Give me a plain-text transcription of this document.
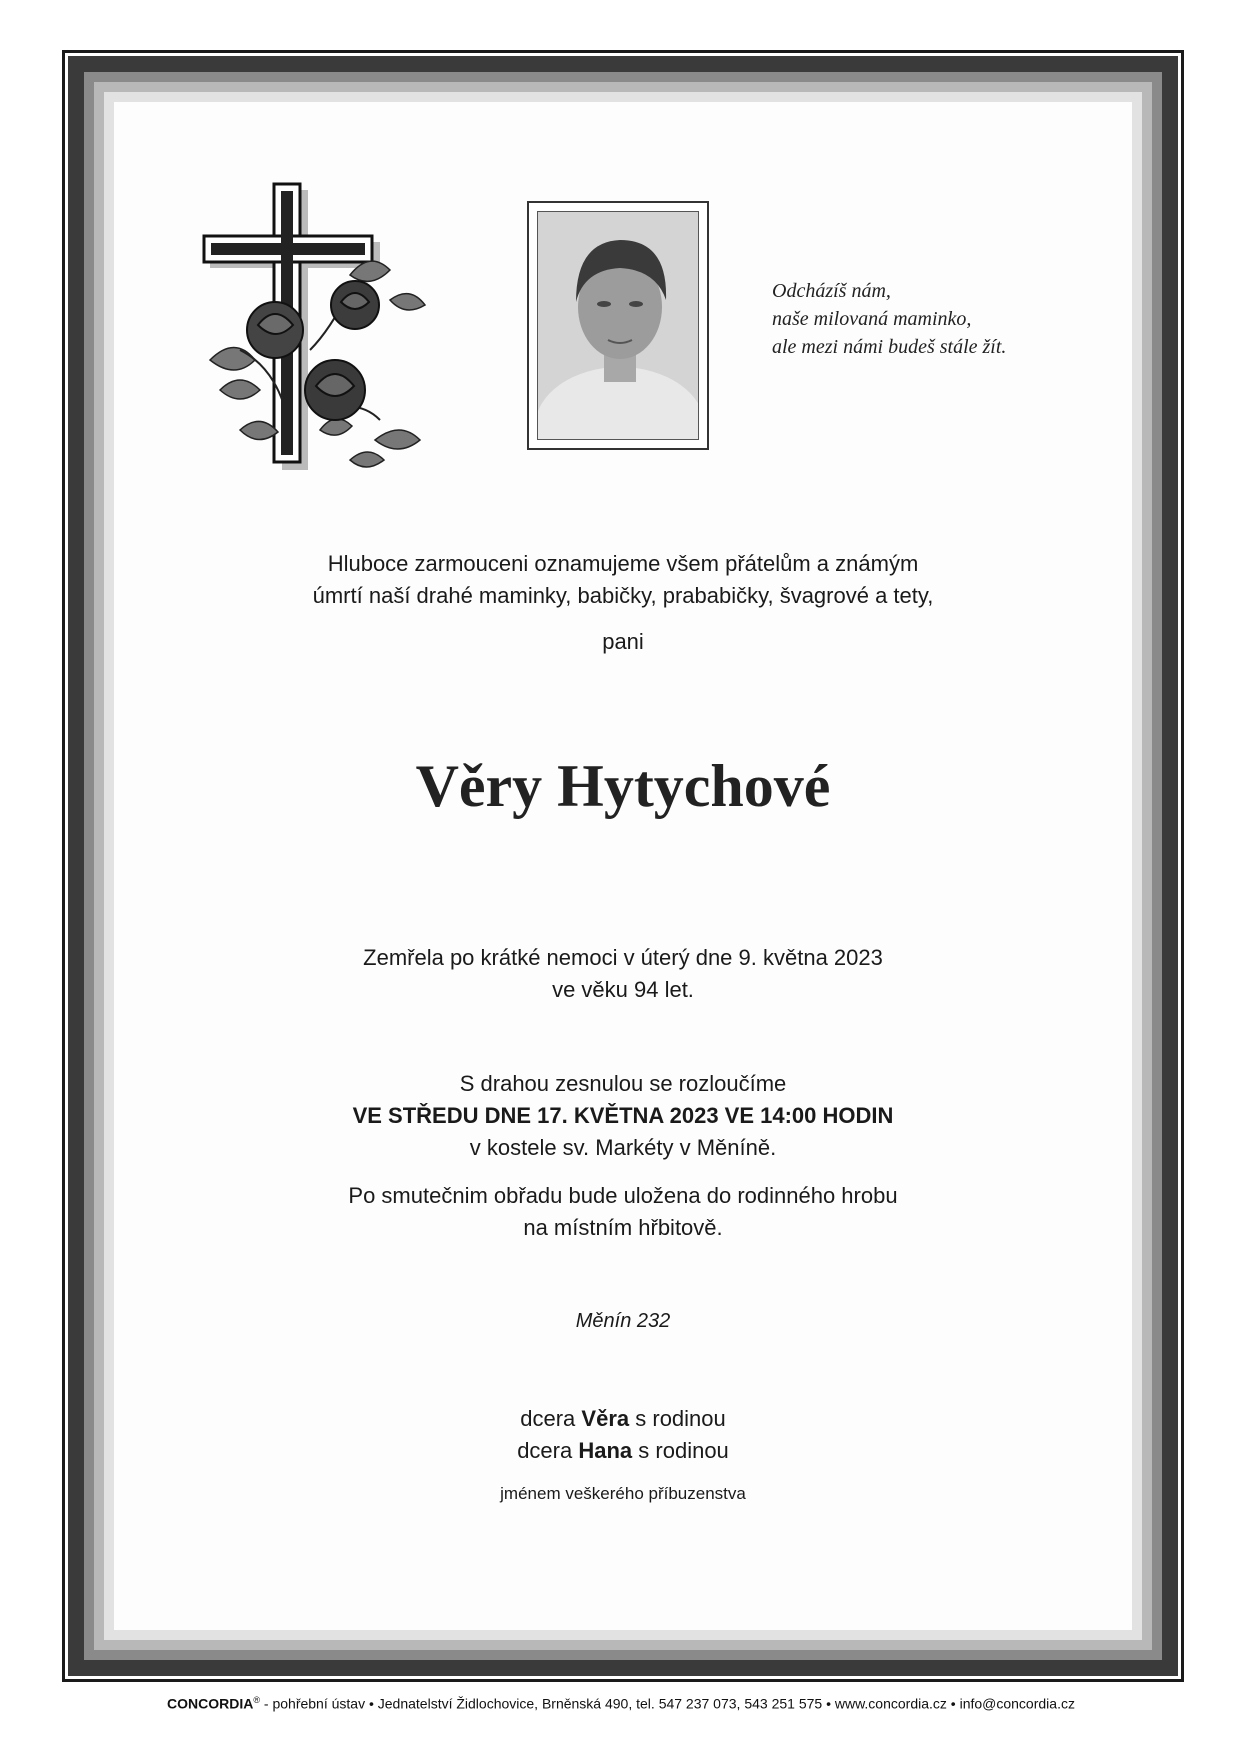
Odcházíš nám,
naše milovaná maminko,
ale mezi námi budeš stále žít.
Hluboce zarmouceni oznamujeme všem přátelům a známým
úmrtí naší drahé maminky, babičky, prababičky, švagrové a tety,
pani
Věry Hytychové
Zemřela po krátké nemoci v úterý dne 9. května 2023
ve věku 94 let.
S drahou zesnulou se rozloučíme
VE STŘEDU DNE 17. KVĚTNA 2023 VE 14:00 HODIN
v kostele sv. Markéty v Měníně.
Po smutečnim obřadu bude uložena do rodinného hrobu
na místním hřbitově.
Měnín 232
dcera Věra s rodinou
dcera Hana s rodinou
jménem veškerého příbuzenstva
CONCORDIA® - pohřební ústav • Jednatelství Židlochovice, Brněnská 490, tel. 547 237 073, 543 251 575 • www.concordia.cz • info@concordia.cz
